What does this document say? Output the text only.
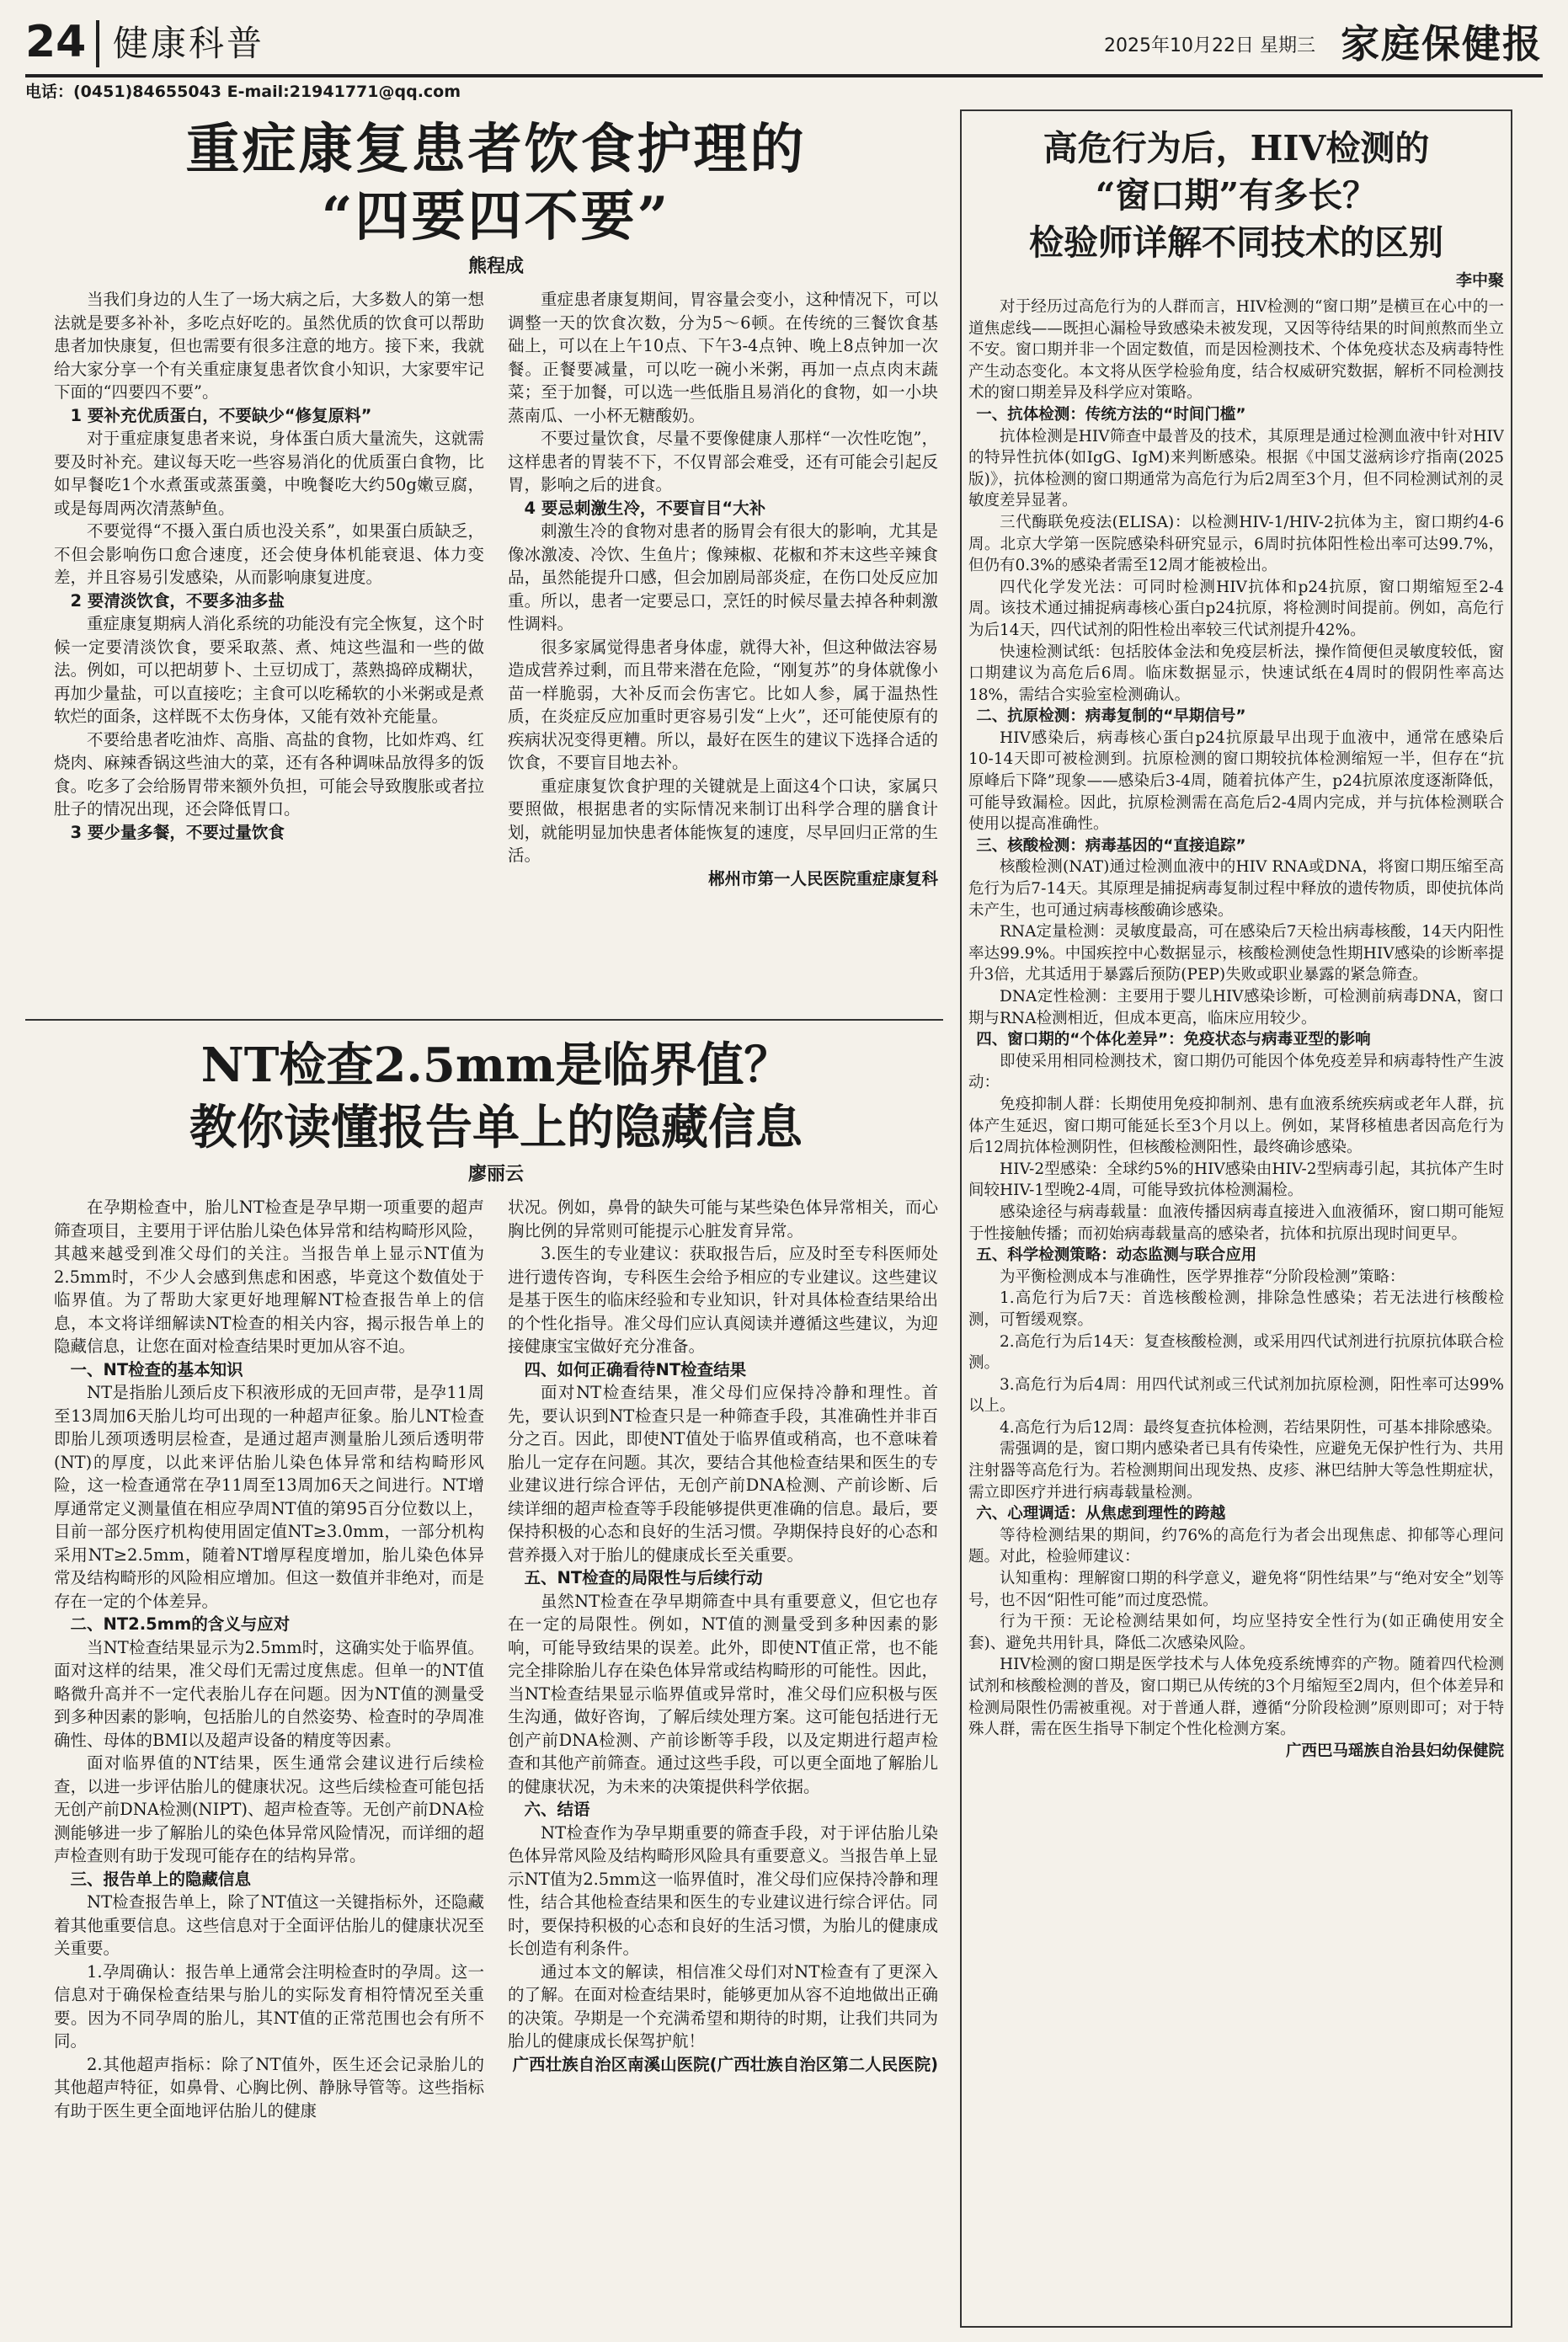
24 健康科普	2025年10月22日 星期三 家庭保健报
电话：(0451)84655043 E-mail:21941771@qq.com
重症康复患者饮食护理的
“四要四不要”
熊程成

当我们身边的人生了一场大病之后，大多数人的第一想法就是要多补补，多吃点好吃的。虽然优质的饮食可以帮助患者加快康复，但也需要有很多注意的地方。接下来，我就给大家分享一个有关重症康复患者饮食小知识，大家要牢记下面的“四要四不要”。

1 要补充优质蛋白，不要缺少“修复原料”

对于重症康复患者来说，身体蛋白质大量流失，这就需要及时补充。建议每天吃一些容易消化的优质蛋白食物，比如早餐吃1个水煮蛋或蒸蛋羹，中晚餐吃大约50g嫩豆腐，或是每周两次清蒸鲈鱼。

不要觉得“不摄入蛋白质也没关系”，如果蛋白质缺乏，不但会影响伤口愈合速度，还会使身体机能衰退、体力变差，并且容易引发感染，从而影响康复进度。

2 要清淡饮食，不要多油多盐

重症康复期病人消化系统的功能没有完全恢复，这个时候一定要清淡饮食，要采取蒸、煮、炖这些温和一些的做法。例如，可以把胡萝卜、土豆切成丁，蒸熟捣碎成糊状，再加少量盐，可以直接吃；主食可以吃稀软的小米粥或是煮软烂的面条，这样既不太伤身体，又能有效补充能量。

不要给患者吃油炸、高脂、高盐的食物，比如炸鸡、红烧肉、麻辣香锅这些油大的菜，还有各种调味品放得多的饭食。吃多了会给肠胃带来额外负担，可能会导致腹胀或者拉肚子的情况出现，还会降低胃口。

3 要少量多餐，不要过量饮食

重症患者康复期间，胃容量会变小，这种情况下，可以调整一天的饮食次数，分为5～6顿。在传统的三餐饮食基础上，可以在上午10点、下午3-4点钟、晚上8点钟加一次餐。正餐要减量，可以吃一碗小米粥，再加一点点肉末蔬菜；至于加餐，可以选一些低脂且易消化的食物，如一小块蒸南瓜、一小杯无糖酸奶。

不要过量饮食，尽量不要像健康人那样“一次性吃饱”，这样患者的胃装不下，不仅胃部会难受，还有可能会引起反胃，影响之后的进食。

4 要忌刺激生冷，不要盲目“大补

刺激生冷的食物对患者的肠胃会有很大的影响，尤其是像冰激凌、冷饮、生鱼片；像辣椒、花椒和芥末这些辛辣食品，虽然能提升口感，但会加剧局部炎症，在伤口处反应加重。所以，患者一定要忌口，烹饪的时候尽量去掉各种刺激性调料。

很多家属觉得患者身体虚，就得大补，但这种做法容易造成营养过剩，而且带来潜在危险，“刚复苏”的身体就像小苗一样脆弱，大补反而会伤害它。比如人参，属于温热性质，在炎症反应加重时更容易引发“上火”，还可能使原有的疾病状况变得更糟。所以，最好在医生的建议下选择合适的饮食，不要盲目地去补。

重症康复饮食护理的关键就是上面这4个口诀，家属只要照做，根据患者的实际情况来制订出科学合理的膳食计划，就能明显加快患者体能恢复的速度，尽早回归正常的生活。

郴州市第一人民医院重症康复科
NT检查2.5mm是临界值？
教你读懂报告单上的隐藏信息
廖丽云

在孕期检查中，胎儿NT检查是孕早期一项重要的超声筛查项目，主要用于评估胎儿染色体异常和结构畸形风险，其越来越受到准父母们的关注。当报告单上显示NT值为2.5mm时，不少人会感到焦虑和困惑，毕竟这个数值处于临界值。为了帮助大家更好地理解NT检查报告单上的信息，本文将详细解读NT检查的相关内容，揭示报告单上的隐藏信息，让您在面对检查结果时更加从容不迫。

一、NT检查的基本知识

NT是指胎儿颈后皮下积液形成的无回声带，是孕11周至13周加6天胎儿均可出现的一种超声征象。胎儿NT检查即胎儿颈项透明层检查，是通过超声测量胎儿颈后透明带(NT)的厚度，以此来评估胎儿染色体异常和结构畸形风险，这一检查通常在孕11周至13周加6天之间进行。NT增厚通常定义测量值在相应孕周NT值的第95百分位数以上，目前一部分医疗机构使用固定值NT≥3.0mm，一部分机构采用NT≥2.5mm，随着NT增厚程度增加，胎儿染色体异常及结构畸形的风险相应增加。但这一数值并非绝对，而是存在一定的个体差异。

二、NT2.5mm的含义与应对

当NT检查结果显示为2.5mm时，这确实处于临界值。面对这样的结果，准父母们无需过度焦虑。但单一的NT值略微升高并不一定代表胎儿存在问题。因为NT值的测量受到多种因素的影响，包括胎儿的自然姿势、检查时的孕周准确性、母体的BMI以及超声设备的精度等因素。

面对临界值的NT结果，医生通常会建议进行后续检查，以进一步评估胎儿的健康状况。这些后续检查可能包括无创产前DNA检测(NIPT)、超声检查等。无创产前DNA检测能够进一步了解胎儿的染色体异常风险情况，而详细的超声检查则有助于发现可能存在的结构异常。

三、报告单上的隐藏信息

NT检查报告单上，除了NT值这一关键指标外，还隐藏着其他重要信息。这些信息对于全面评估胎儿的健康状况至关重要。

1.孕周确认：报告单上通常会注明检查时的孕周。这一信息对于确保检查结果与胎儿的实际发育相符情况至关重要。因为不同孕周的胎儿，其NT值的正常范围也会有所不同。

2.其他超声指标：除了NT值外，医生还会记录胎儿的其他超声特征，如鼻骨、心胸比例、静脉导管等。这些指标有助于医生更全面地评估胎儿的健康

状况。例如，鼻骨的缺失可能与某些染色体异常相关，而心胸比例的异常则可能提示心脏发育异常。

3.医生的专业建议：获取报告后，应及时至专科医师处进行遗传咨询，专科医生会给予相应的专业建议。这些建议是基于医生的临床经验和专业知识，针对具体检查结果给出的个性化指导。准父母们应认真阅读并遵循这些建议，为迎接健康宝宝做好充分准备。

四、如何正确看待NT检查结果

面对NT检查结果，准父母们应保持冷静和理性。首先，要认识到NT检查只是一种筛查手段，其准确性并非百分之百。因此，即使NT值处于临界值或稍高，也不意味着胎儿一定存在问题。其次，要结合其他检查结果和医生的专业建议进行综合评估，无创产前DNA检测、产前诊断、后续详细的超声检查等手段能够提供更准确的信息。最后，要保持积极的心态和良好的生活习惯。孕期保持良好的心态和营养摄入对于胎儿的健康成长至关重要。

五、NT检查的局限性与后续行动

虽然NT检查在孕早期筛查中具有重要意义，但它也存在一定的局限性。例如，NT值的测量受到多种因素的影响，可能导致结果的误差。此外，即使NT值正常，也不能完全排除胎儿存在染色体异常或结构畸形的可能性。因此，当NT检查结果显示临界值或异常时，准父母们应积极与医生沟通，做好咨询，了解后续处理方案。这可能包括进行无创产前DNA检测、产前诊断等手段，以及定期进行超声检查和其他产前筛查。通过这些手段，可以更全面地了解胎儿的健康状况，为未来的决策提供科学依据。

六、结语

NT检查作为孕早期重要的筛查手段，对于评估胎儿染色体异常风险及结构畸形风险具有重要意义。当报告单上显示NT值为2.5mm这一临界值时，准父母们应保持冷静和理性，结合其他检查结果和医生的专业建议进行综合评估。同时，要保持积极的心态和良好的生活习惯，为胎儿的健康成长创造有利条件。

通过本文的解读，相信准父母们对NT检查有了更深入的了解。在面对检查结果时，能够更加从容不迫地做出正确的决策。孕期是一个充满希望和期待的时期，让我们共同为胎儿的健康成长保驾护航！

广西壮族自治区南溪山医院(广西壮族自治区第二人民医院)
高危行为后，HIV检测的
“窗口期”有多长？
检验师详解不同技术的区别
李中聚

对于经历过高危行为的人群而言，HIV检测的“窗口期”是横亘在心中的一道焦虑线——既担心漏检导致感染未被发现，又因等待结果的时间煎熬而坐立不安。窗口期并非一个固定数值，而是因检测技术、个体免疫状态及病毒特性产生动态变化。本文将从医学检验角度，结合权威研究数据，解析不同检测技术的窗口期差异及科学应对策略。

一、抗体检测：传统方法的“时间门槛”

抗体检测是HIV筛查中最普及的技术，其原理是通过检测血液中针对HIV的特异性抗体(如IgG、IgM)来判断感染。根据《中国艾滋病诊疗指南(2025版)》，抗体检测的窗口期通常为高危行为后2周至3个月，但不同检测试剂的灵敏度差异显著。

三代酶联免疫法(ELISA)：以检测HIV-1/HIV-2抗体为主，窗口期约4-6周。北京大学第一医院感染科研究显示，6周时抗体阳性检出率可达99.7%，但仍有0.3%的感染者需至12周才能被检出。

四代化学发光法：可同时检测HIV抗体和p24抗原，窗口期缩短至2-4周。该技术通过捕捉病毒核心蛋白p24抗原，将检测时间提前。例如，高危行为后14天，四代试剂的阳性检出率较三代试剂提升42%。

快速检测试纸：包括胶体金法和免疫层析法，操作简便但灵敏度较低，窗口期建议为高危后6周。临床数据显示，快速试纸在4周时的假阴性率高达18%，需结合实验室检测确认。

二、抗原检测：病毒复制的“早期信号”

HIV感染后，病毒核心蛋白p24抗原最早出现于血液中，通常在感染后10-14天即可被检测到。抗原检测的窗口期较抗体检测缩短一半，但存在“抗原峰后下降”现象——感染后3-4周，随着抗体产生，p24抗原浓度逐渐降低，可能导致漏检。因此，抗原检测需在高危后2-4周内完成，并与抗体检测联合使用以提高准确性。

三、核酸检测：病毒基因的“直接追踪”

核酸检测(NAT)通过检测血液中的HIV RNA或DNA，将窗口期压缩至高危行为后7-14天。其原理是捕捉病毒复制过程中释放的遗传物质，即使抗体尚未产生，也可通过病毒核酸确诊感染。

RNA定量检测：灵敏度最高，可在感染后7天检出病毒核酸，14天内阳性率达99.9%。中国疾控中心数据显示，核酸检测使急性期HIV感染的诊断率提升3倍，尤其适用于暴露后预防(PEP)失败或职业暴露的紧急筛查。

DNA定性检测：主要用于婴儿HIV感染诊断，可检测前病毒DNA，窗口期与RNA检测相近，但成本更高，临床应用较少。

四、窗口期的“个体化差异”：免疫状态与病毒亚型的影响

即使采用相同检测技术，窗口期仍可能因个体免疫差异和病毒特性产生波动：

免疫抑制人群：长期使用免疫抑制剂、患有血液系统疾病或老年人群，抗体产生延迟，窗口期可能延长至3个月以上。例如，某肾移植患者因高危行为后12周抗体检测阴性，但核酸检测阳性，最终确诊感染。

HIV-2型感染：全球约5%的HIV感染由HIV-2型病毒引起，其抗体产生时间较HIV-1型晚2-4周，可能导致抗体检测漏检。

感染途径与病毒载量：血液传播因病毒直接进入血液循环，窗口期可能短于性接触传播；而初始病毒载量高的感染者，抗体和抗原出现时间更早。

五、科学检测策略：动态监测与联合应用

为平衡检测成本与准确性，医学界推荐“分阶段检测”策略：

1.高危行为后7天：首选核酸检测，排除急性感染；若无法进行核酸检测，可暂缓观察。

2.高危行为后14天：复查核酸检测，或采用四代试剂进行抗原抗体联合检测。

3.高危行为后4周：用四代试剂或三代试剂加抗原检测，阳性率可达99%以上。

4.高危行为后12周：最终复查抗体检测，若结果阴性，可基本排除感染。

需强调的是，窗口期内感染者已具有传染性，应避免无保护性行为、共用注射器等高危行为。若检测期间出现发热、皮疹、淋巴结肿大等急性期症状，需立即医疗并进行病毒载量检测。

六、心理调适：从焦虑到理性的跨越

等待检测结果的期间，约76%的高危行为者会出现焦虑、抑郁等心理问题。对此，检验师建议：

认知重构：理解窗口期的科学意义，避免将“阴性结果”与“绝对安全”划等号，也不因“阳性可能”而过度恐慌。

行为干预：无论检测结果如何，均应坚持安全性行为(如正确使用安全套)、避免共用针具，降低二次感染风险。

HIV检测的窗口期是医学技术与人体免疫系统博弈的产物。随着四代检测试剂和核酸检测的普及，窗口期已从传统的3个月缩短至2周内，但个体差异和检测局限性仍需被重视。对于普通人群，遵循“分阶段检测”原则即可；对于特殊人群，需在医生指导下制定个性化检测方案。

广西巴马瑶族自治县妇幼保健院
